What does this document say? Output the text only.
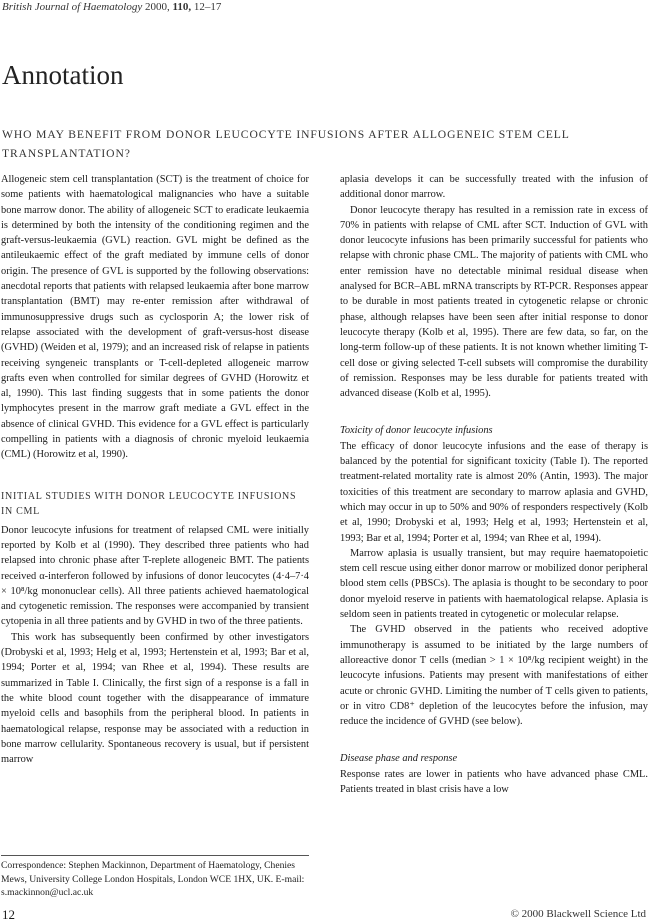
British Journal of Haematology 2000, 110, 12–17
Annotation
WHO MAY BENEFIT FROM DONOR LEUCOCYTE INFUSIONS AFTER ALLOGENEIC STEM CELL TRANSPLANTATION?

Allogeneic stem cell transplantation (SCT) is the treatment of choice for some patients with haematological malignancies who have a suitable bone marrow donor. The ability of allogeneic SCT to eradicate leukaemia is determined by both the intensity of the conditioning regimen and the graft-versus-leukaemia (GVL) reaction. GVL might be defined as the antileukaemic effect of the graft mediated by immune cells of donor origin. The presence of GVL is supported by the following observations: anecdotal reports that patients with relapsed leukaemia after bone marrow transplantation (BMT) may re-enter remission after withdrawal of immunosuppressive drugs such as cyclosporin A; the lower risk of relapse associated with the development of graft-versus-host disease (GVHD) (Weiden et al, 1979); and an increased risk of relapse in patients receiving syngeneic transplants or T-cell-depleted allogeneic marrow grafts even when controlled for similar degrees of GVHD (Horowitz et al, 1990). This last finding suggests that in some patients the donor lymphocytes present in the marrow graft mediate a GVL effect in the absence of clinical GVHD. This evidence for a GVL effect is particularly compelling in patients with a diagnosis of chronic myeloid leukaemia (CML) (Horowitz et al, 1990).

INITIAL STUDIES WITH DONOR LEUCOCYTE INFUSIONS IN CML

Donor leucocyte infusions for treatment of relapsed CML were initially reported by Kolb et al (1990). They described three patients who had relapsed into chronic phase after T-replete allogeneic BMT. The patients received α-interferon followed by infusions of donor leucocytes (4·4–7·4 × 10⁸/kg mononuclear cells). All three patients achieved haematological and cytogenetic remission. The responses were accompanied by transient cytopenia in all three patients and by GVHD in two of the three patients.

This work has subsequently been confirmed by other investigators (Drobyski et al, 1993; Helg et al, 1993; Hertenstein et al, 1993; Bar et al, 1994; Porter et al, 1994; van Rhee et al, 1994). These results are summarized in Table I. Clinically, the first sign of a response is a fall in the white blood count together with the disappearance of immature myeloid cells and basophils from the peripheral blood. In patients in haematological relapse, response may be associated with a reduction in bone marrow cellularity. Spontaneous recovery is usual, but if persistent marrow

aplasia develops it can be successfully treated with the infusion of additional donor marrow.

Donor leucocyte therapy has resulted in a remission rate in excess of 70% in patients with relapse of CML after SCT. Induction of GVL with donor leucocyte infusions has been primarily successful for patients who relapse with chronic phase CML. The majority of patients with CML who enter remission have no detectable minimal residual disease when analysed for BCR–ABL mRNA transcripts by RT-PCR. Responses appear to be durable in most patients treated in cytogenetic relapse or chronic phase, although relapses have been seen after initial response to donor leucocyte therapy (Kolb et al, 1995). There are few data, so far, on the long-term follow-up of these patients. It is not known whether limiting T-cell dose or giving selected T-cell subsets will compromise the durability of remission. Responses may be less durable for patients treated with advanced disease (Kolb et al, 1995).

Toxicity of donor leucocyte infusions

The efficacy of donor leucocyte infusions and the ease of therapy is balanced by the potential for significant toxicity (Table I). The reported treatment-related mortality rate is almost 20% (Antin, 1993). The major toxicities of this treatment are secondary to marrow aplasia and GVHD, which may occur in up to 50% and 90% of responders respectively (Kolb et al, 1990; Drobyski et al, 1993; Helg et al, 1993; Hertenstein et al, 1993; Bar et al, 1994; Porter et al, 1994; van Rhee et al, 1994).

Marrow aplasia is usually transient, but may require haematopoietic stem cell rescue using either donor marrow or mobilized donor peripheral blood stem cells (PBSCs). The aplasia is thought to be secondary to poor donor myeloid reserve in patients with haematological relapse. Aplasia is seldom seen in patients treated in cytogenetic or molecular relapse.

The GVHD observed in the patients who received adoptive immunotherapy is assumed to be initiated by the large numbers of alloreactive donor T cells (median > 1 × 10⁸/kg recipient weight) in the leucocyte infusions. Patients may present with manifestations of either acute or chronic GVHD. Limiting the number of T cells given to patients, or in vitro CD8⁺ depletion of the leucocytes before the infusion, may reduce the incidence of GVHD (see below).

Disease phase and response

Response rates are lower in patients who have advanced phase CML. Patients treated in blast crisis have a low

Correspondence: Stephen Mackinnon, Department of Haematology, Chenies Mews, University College London Hospitals, London WCE 1HX, UK. E-mail: s.mackinnon@ucl.ac.uk
12	© 2000 Blackwell Science Ltd
